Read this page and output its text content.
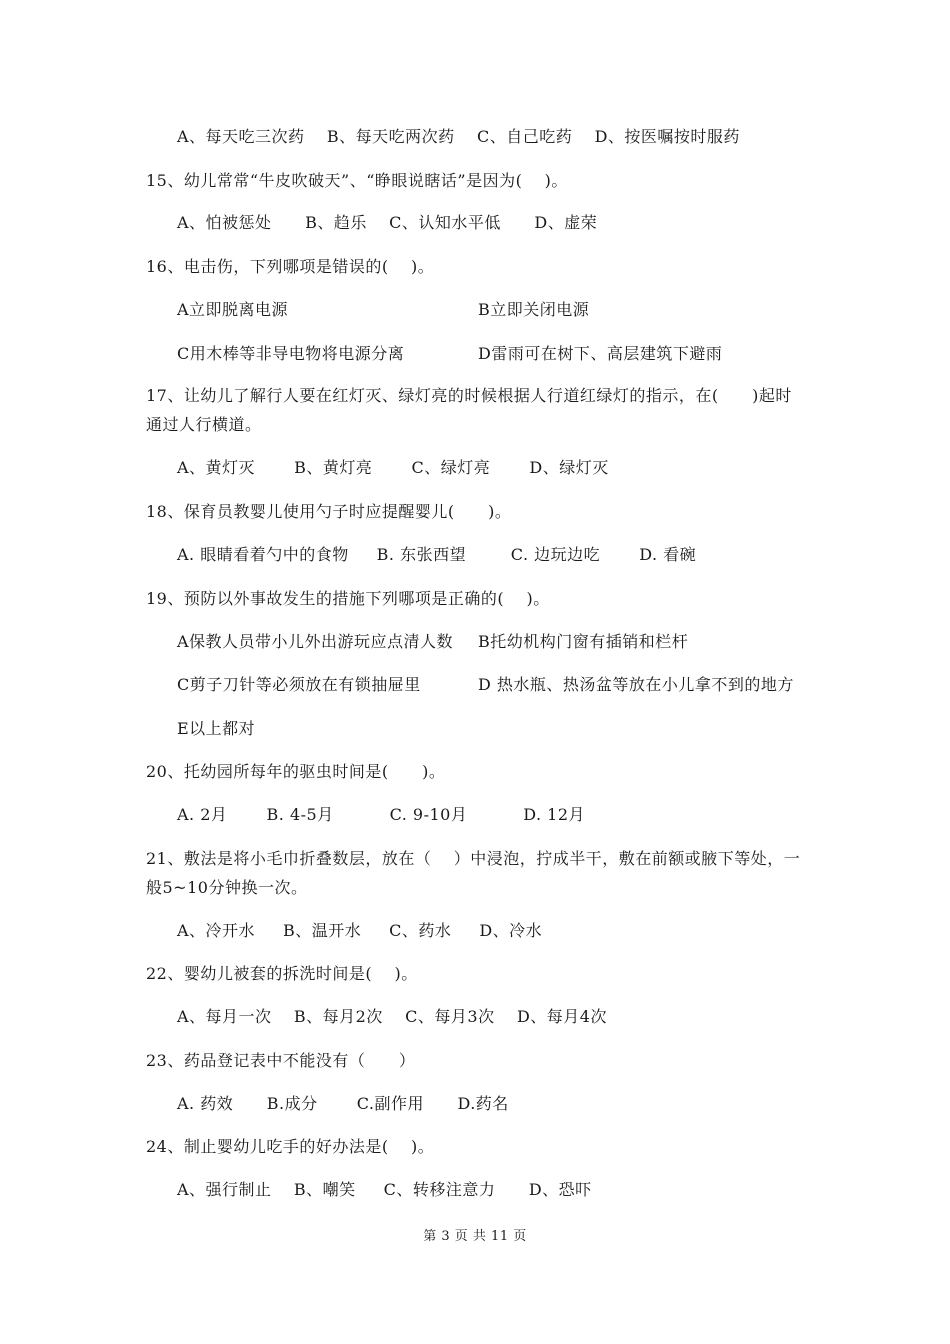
A、每天吃三次药    B、每天吃两次药    C、自己吃药    D、按医嘱按时服药
15、幼儿常常“牛皮吹破天”、“睁眼说瞎话”是因为(    )。
A、怕被惩处      B、趋乐    C、认知水平低      D、虚荣
16、电击伤，下列哪项是错误的(    )。
A立即脱离电源	B立即关闭电源
C用木棒等非导电物将电源分离	D雷雨可在树下、高层建筑下避雨
17、让幼儿了解行人要在红灯灭、绿灯亮的时候根据人行道红绿灯的指示，在(      )起时
通过人行横道。
A、黄灯灭       B、黄灯亮       C、绿灯亮       D、绿灯灭
18、保育员教婴儿使用勺子时应提醒婴儿(      )。
A. 眼睛看着勺中的食物     B. 东张西望        C. 边玩边吃       D. 看碗
19、预防以外事故发生的措施下列哪项是正确的(    )。
A保教人员带小儿外出游玩应点清人数 B托幼机构门窗有插销和栏杆
C剪子刀针等必须放在有锁抽屉里	D 热水瓶、热汤盆等放在小儿拿不到的地方
E以上都对
20、托幼园所每年的驱虫时间是(      )。
A. 2月       B. 4-5月          C. 9-10月          D. 12月
21、敷法是将小毛巾折叠数层，放在（    ）中浸泡，拧成半干，敷在前额或腋下等处，一
般5~10分钟换一次。
A、冷开水     B、温开水     C、药水     D、冷水
22、婴幼儿被套的拆洗时间是(    )。
A、每月一次    B、每月2次    C、每月3次    D、每月4次
23、药品登记表中不能没有（      ）
A. 药效      B.成分       C.副作用      D.药名
24、制止婴幼儿吃手的好办法是(    )。
A、强行制止    B、嘲笑     C、转移注意力      D、恐吓
第 3 页 共 11 页
